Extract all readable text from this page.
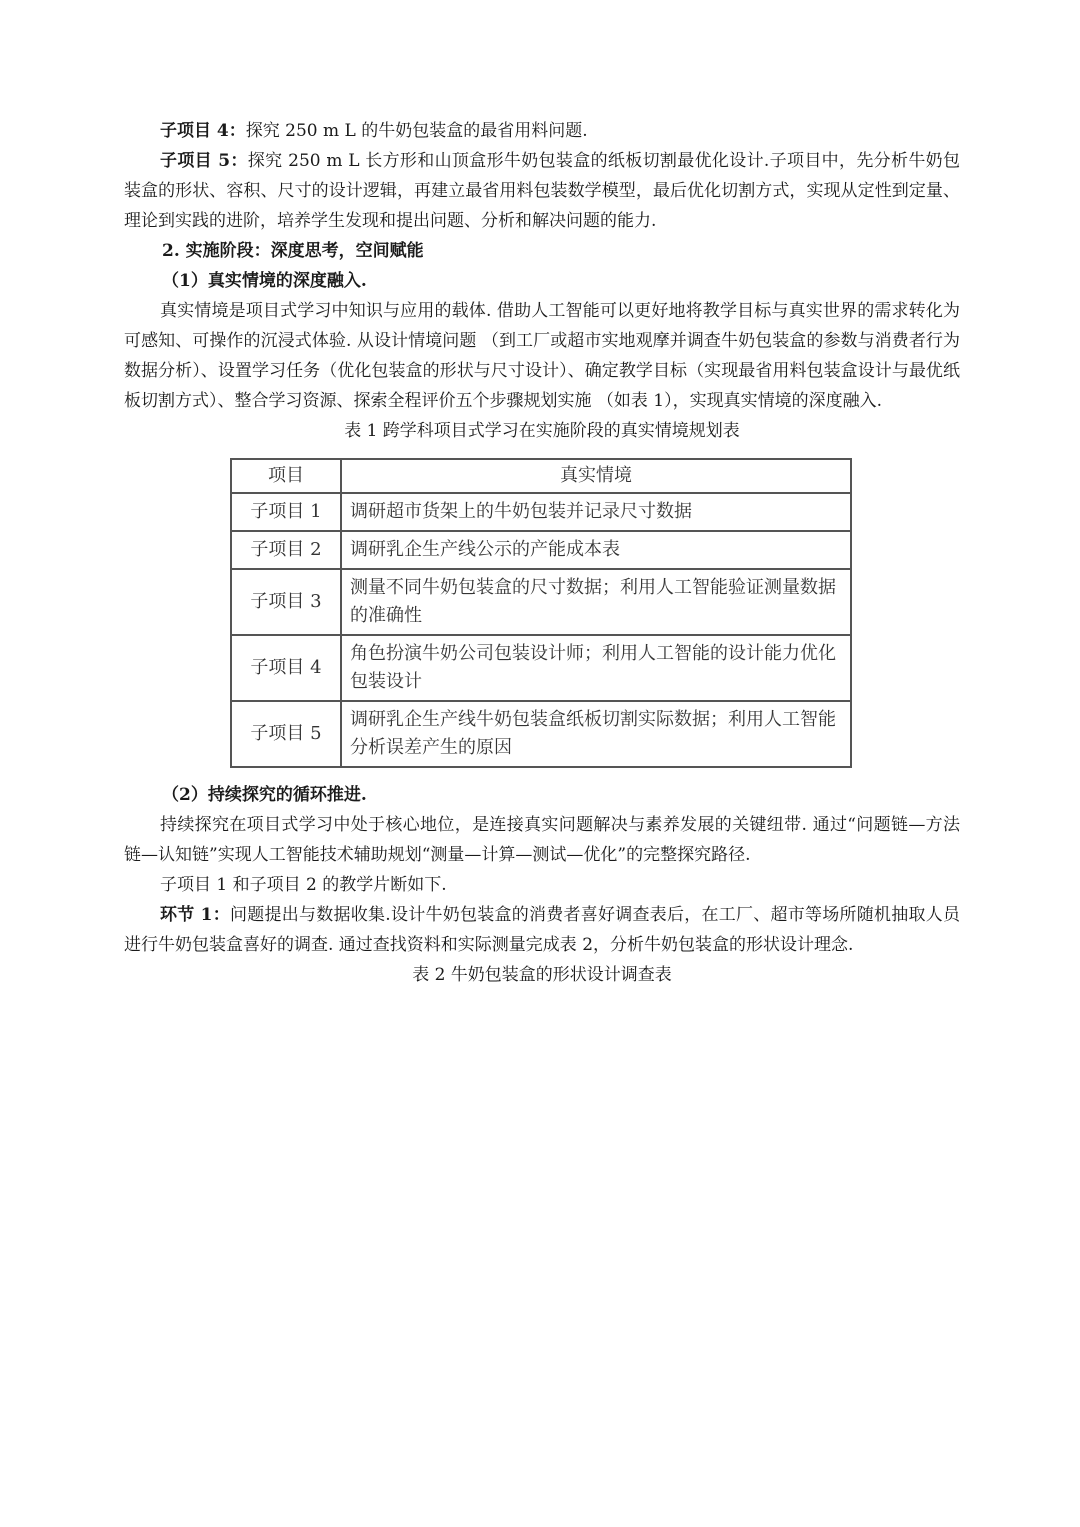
子项目 4：探究 250 m L 的牛奶包装盒的最省用料问题.

子项目 5：探究 250 m L 长方形和山顶盒形牛奶包装盒的纸板切割最优化设计.子项目中，先分析牛奶包装盒的形状、容积、尺寸的设计逻辑，再建立最省用料包装数学模型，最后优化切割方式，实现从定性到定量、理论到实践的进阶，培养学生发现和提出问题、分析和解决问题的能力.

2. 实施阶段：深度思考，空间赋能

（1）真实情境的深度融入.

真实情境是项目式学习中知识与应用的载体. 借助人工智能可以更好地将教学目标与真实世界的需求转化为可感知、可操作的沉浸式体验. 从设计情境问题 （到工厂或超市实地观摩并调查牛奶包装盒的参数与消费者行为数据分析）、设置学习任务（优化包装盒的形状与尺寸设计）、确定教学目标（实现最省用料包装盒设计与最优纸板切割方式）、整合学习资源、探索全程评价五个步骤规划实施 （如表 1），实现真实情境的深度融入.

表 1 跨学科项目式学习在实施阶段的真实情境规划表

项目	真实情境
子项目 1	调研超市货架上的牛奶包装并记录尺寸数据
子项目 2	调研乳企生产线公示的产能成本表
子项目 3	测量不同牛奶包装盒的尺寸数据；利用人工智能验证测量数据的准确性
子项目 4	角色扮演牛奶公司包装设计师；利用人工智能的设计能力优化包装设计
子项目 5	调研乳企生产线牛奶包装盒纸板切割实际数据；利用人工智能分析误差产生的原因

（2）持续探究的循环推进.

持续探究在项目式学习中处于核心地位，是连接真实问题解决与素养发展的关键纽带. 通过“问题链—方法链—认知链”实现人工智能技术辅助规划“测量—计算—测试—优化”的完整探究路径.

子项目 1 和子项目 2 的教学片断如下.

环节 1：问题提出与数据收集.设计牛奶包装盒的消费者喜好调查表后，在工厂、超市等场所随机抽取人员进行牛奶包装盒喜好的调查. 通过查找资料和实际测量完成表 2，分析牛奶包装盒的形状设计理念.

表 2 牛奶包装盒的形状设计调查表
